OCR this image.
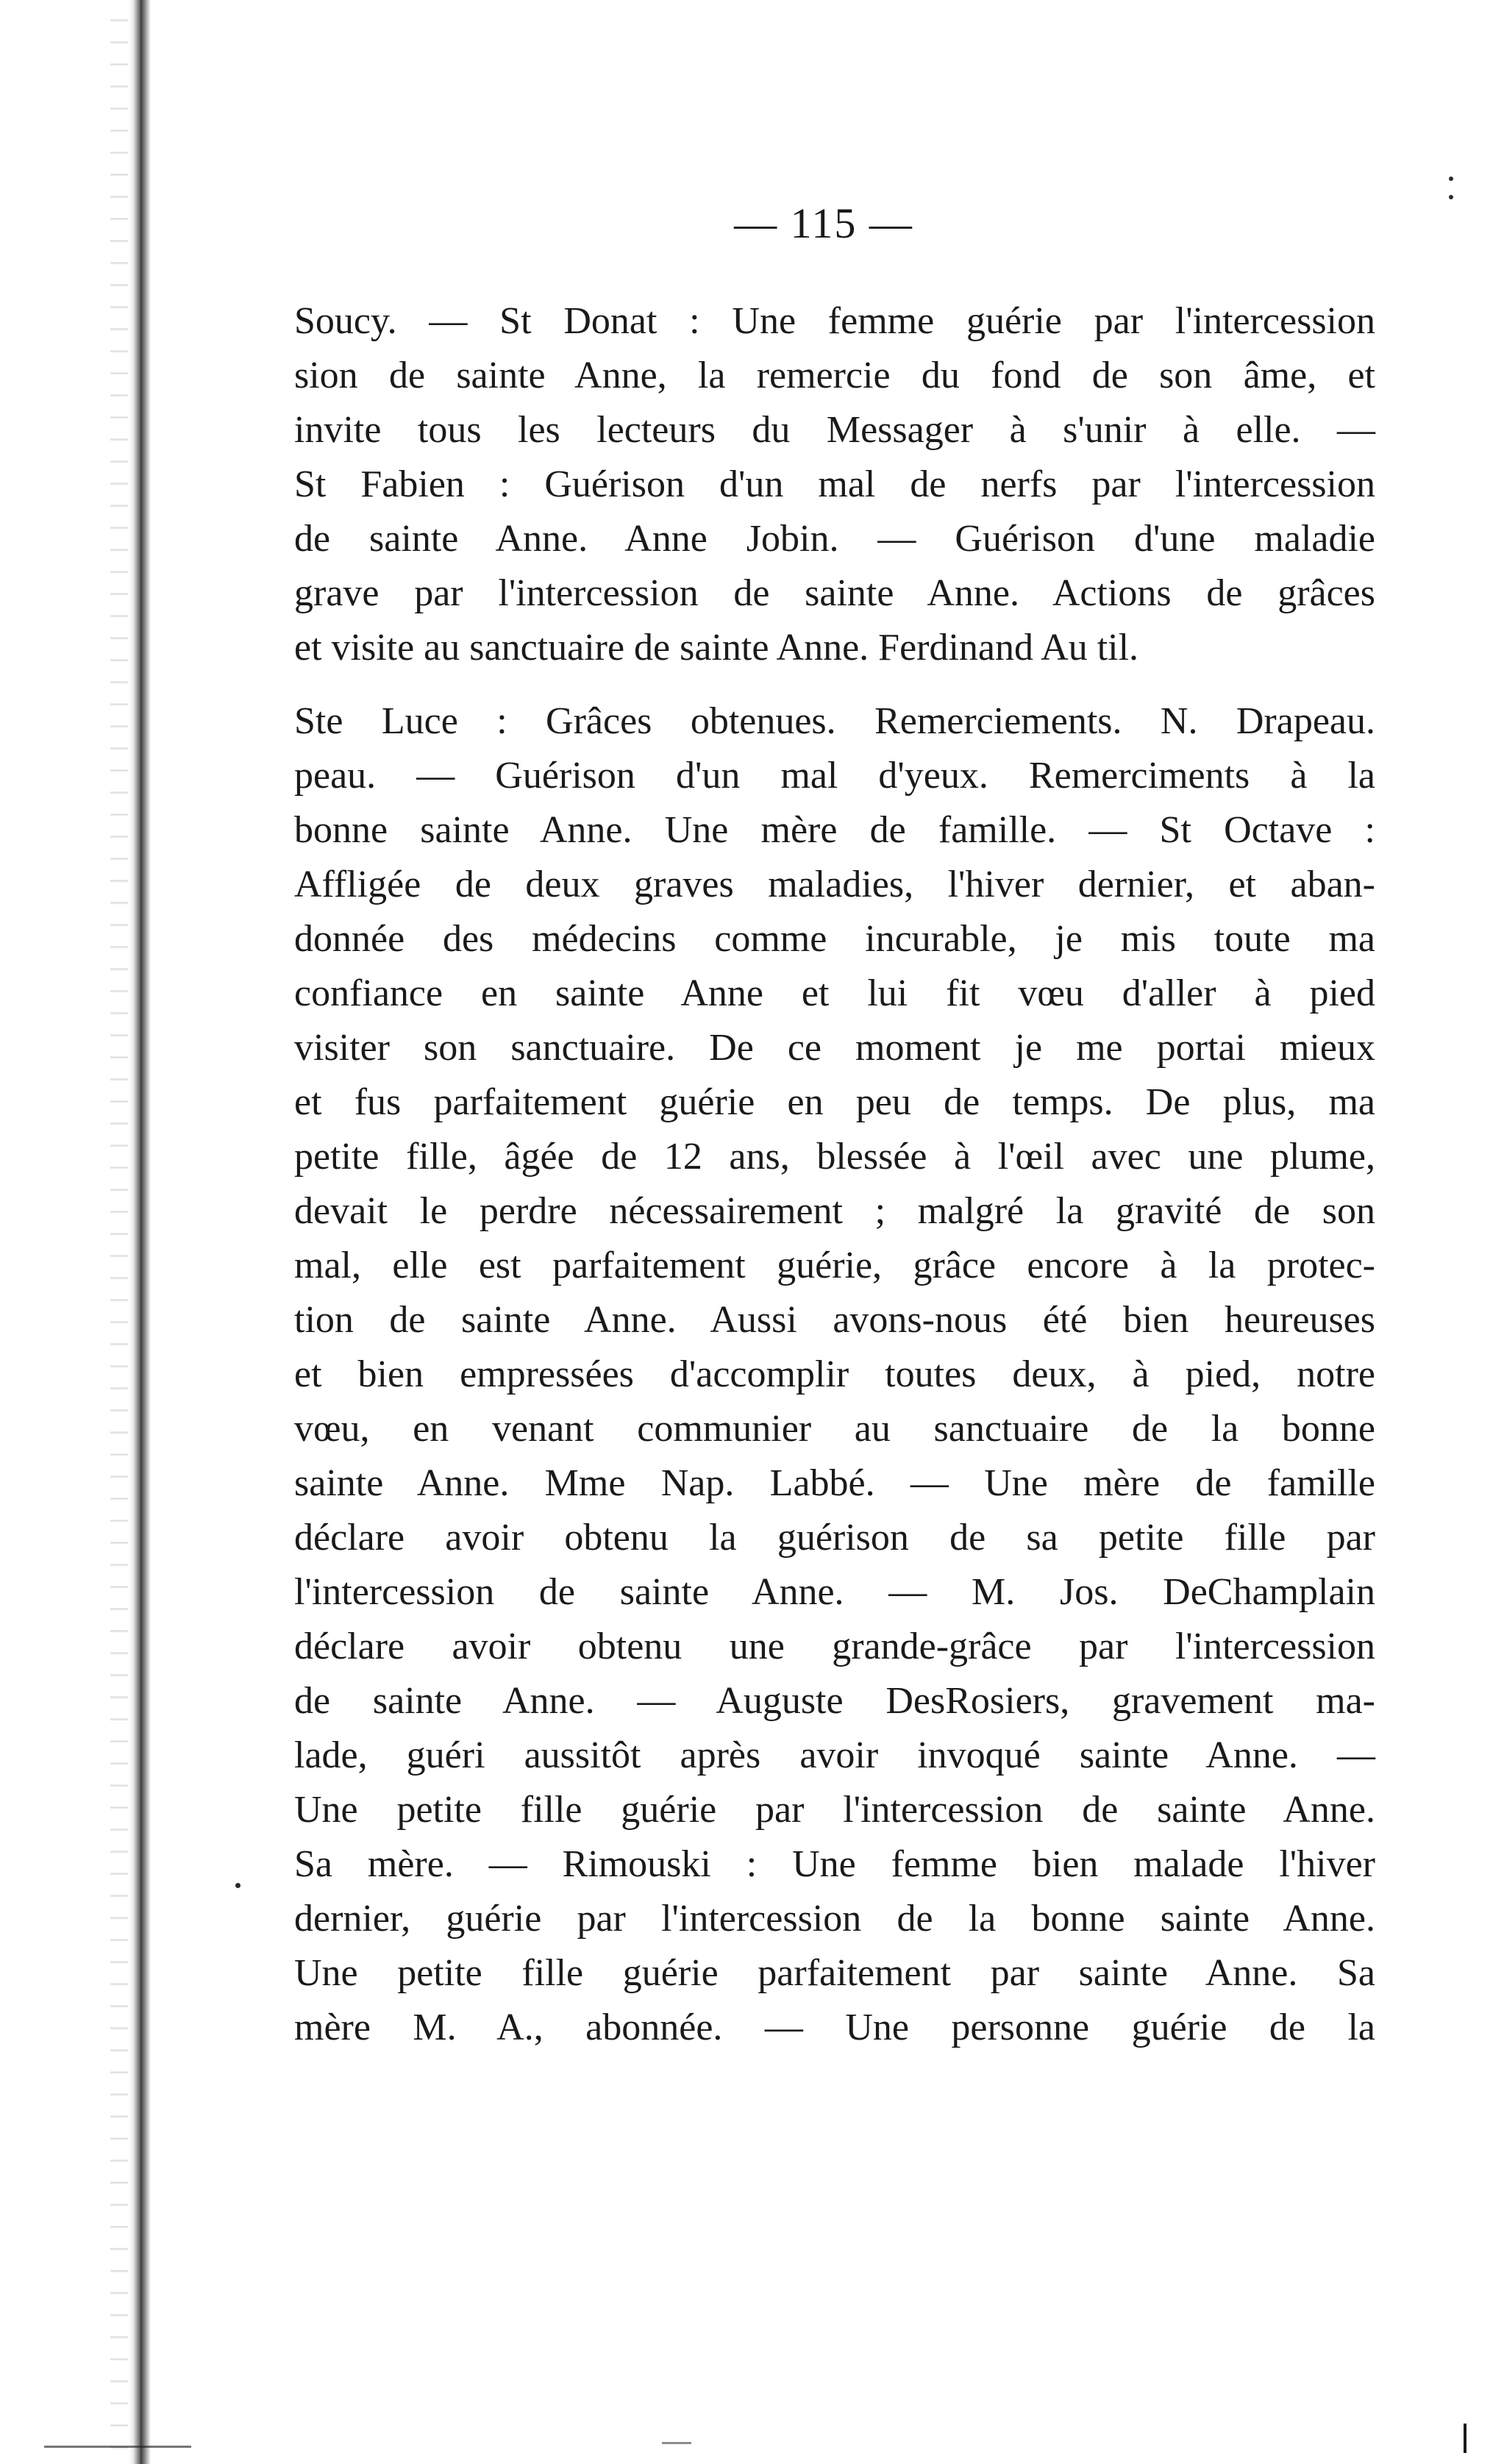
— 115 —
Soucy. — St Donat : Une femme guérie par l'intercession
sion de sainte Anne, la remercie du fond de son âme, et
invite tous les lecteurs du Messager à s'unir à elle. —
St Fabien : Guérison d'un mal de nerfs par l'intercession
de sainte Anne. Anne Jobin. — Guérison d'une maladie
grave par l'intercession de sainte Anne. Actions de grâces
et visite au sanctuaire de sainte Anne. Ferdinand Au til.
Ste Luce : Grâces obtenues. Remerciements. N. Drapeau.
peau. — Guérison d'un mal d'yeux. Remerciments à la
bonne sainte Anne. Une mère de famille. — St Octave :
Affligée de deux graves maladies, l'hiver dernier, et aban-
donnée des médecins comme incurable, je mis toute ma
confiance en sainte Anne et lui fit vœu d'aller à pied
visiter son sanctuaire. De ce moment je me portai mieux
et fus parfaitement guérie en peu de temps. De plus, ma
petite fille, âgée de 12 ans, blessée à l'œil avec une plume,
devait le perdre nécessairement ; malgré la gravité de son
mal, elle est parfaitement guérie, grâce encore à la protec-
tion de sainte Anne. Aussi avons-nous été bien heureuses
et bien empressées d'accomplir toutes deux, à pied, notre
vœu, en venant communier au sanctuaire de la bonne
sainte Anne. Mme Nap. Labbé. — Une mère de famille
déclare avoir obtenu la guérison de sa petite fille par
l'intercession de sainte Anne. — M. Jos. DeChamplain
déclare avoir obtenu une grande-grâce par l'intercession
de sainte Anne. — Auguste DesRosiers, gravement ma-
lade, guéri aussitôt après avoir invoqué sainte Anne. —
Une petite fille guérie par l'intercession de sainte Anne.
Sa mère. — Rimouski : Une femme bien malade l'hiver
dernier, guérie par l'intercession de la bonne sainte Anne.
Une petite fille guérie parfaitement par sainte Anne. Sa
mère M. A., abonnée. — Une personne guérie de la
